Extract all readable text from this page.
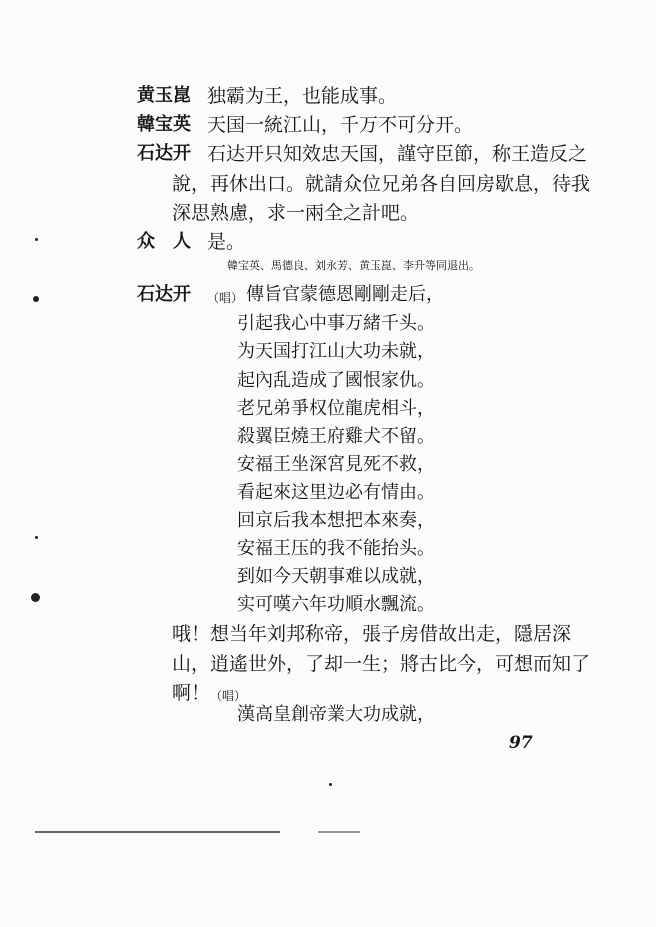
黄玉崑 独霸为王，也能成事。
韓宝英 天国一統江山，千万不可分开。
石达开 石达开只知效忠天国，謹守臣節，称王造反之
說，再休出口。就請众位兄弟各自回房歇息，待我
深思熟慮，求一兩全之計吧。
众　人 是。
韓宝英、馬德良、刘永芳、黄玉崑、李升等同退出。
石达开 （唱） 傳旨官蒙德恩剛剛走后，
引起我心中事万緒千头。
为天国打江山大功未就，
起內乱造成了國恨家仇。
老兄弟爭权位龍虎相斗，
殺翼臣燒王府雞犬不留。
安福王坐深宮見死不救，
看起來这里边必有情由。
回京后我本想把本來奏，
安福王压的我不能抬头。
到如今天朝事难以成就，
实可嘆六年功順水飄流。
哦！想当年刘邦称帝，張子房借故出走，隱居深
山，逍遙世外，了却一生；將古比今，可想而知了
啊！ （唱）
漢高皇創帝業大功成就，
97
